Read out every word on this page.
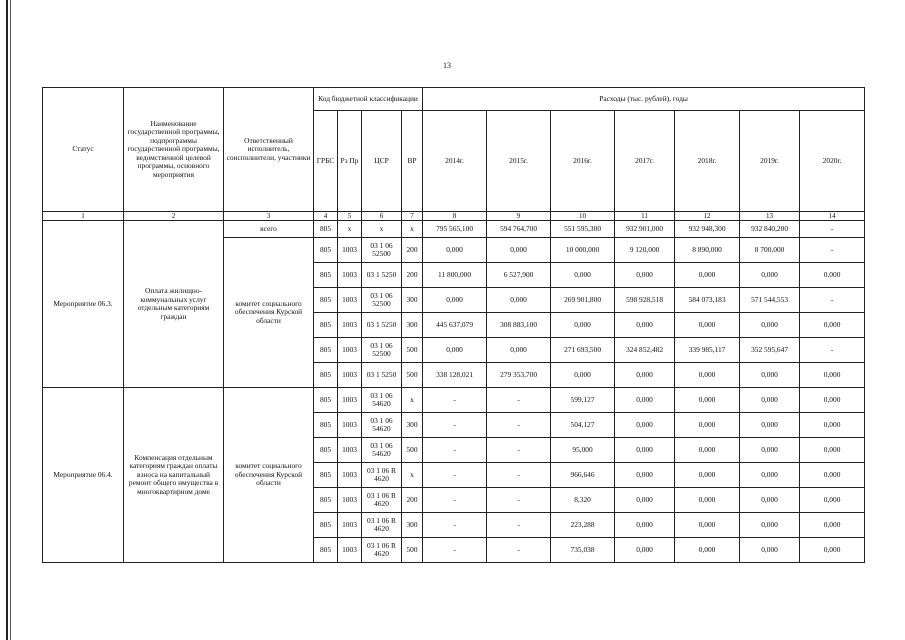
13
Статус	Наименование государственной программы, подпрограммы государственной программы, ведомственной целевой программы, основного мероприятия	Ответственный исполнитель, соисполнители, участники	Код бюджетной классификации				Расходы (тыс. рублей), годы						
			ГРБС	Рз Пр	ЦСР	ВР	2014г.	2015г.	2016г.	2017г.	2018г.	2019г.	2020г.
1	2	3	4	5	6	7	8	9	10	11	12	13	14
Мероприятие 06.3.	Оплата жилищно-коммунальных услуг отдельным категориям граждан	всего	805	х	х	х	795 565,100	594 764,700	551 595,300	932 901,000	932 948,300	932 840,200	-
		комитет социального обеспечения Курской области	805	1003	03 1 06 52500	200	0,000	0,000	10 000,000	9 120,000	8 890,000	8 700,000	-
			805	1003	03 1 5250	200	11 800,000	6 527,900	0,000	0,000	0,000	0,000	0,000
			805	1003	03 1 06 52500	300	0,000	0,000	269 901,800	598 928,518	584 073,183	571 544,553	-
			805	1003	03 1 5250	300	445 637,079	308 883,100	0,000	0,000	0,000	0,000	0,000
			805	1003	03 1 06 52500	500	0,000	0,000	271 693,500	324 852,482	339 985,117	352 595,647	-
			805	1003	03 1 5250	500	338 128,021	279 353,700	0,000	0,000	0,000	0,000	0,000
Мероприятие 06.4.	Компенсация отдельным категориям граждан оплаты взноса на капитальный ремонт общего имущества в многоквартирном доме	комитет социального обеспечения Курской области	805	1003	03 1 06 54620	х	-	-	599,127	0,000	0,000	0,000	0,000
			805	1003	03 1 06 54620	300	-	-	504,127	0,000	0,000	0,000	0,000
			805	1003	03 1 06 54620	500	-	-	95,000	0,000	0,000	0,000	0,000
			805	1003	03 1 06 R 4620	х	-	-	966,646	0,000	0,000	0,000	0,000
			805	1003	03 1 06 R 4620	200	-	-	8,320	0,000	0,000	0,000	0,000
			805	1003	03 1 06 R 4620	300	-	-	223,288	0,000	0,000	0,000	0,000
			805	1003	03 1 06 R 4620	500	-	-	735,038	0,000	0,000	0,000	0,000
